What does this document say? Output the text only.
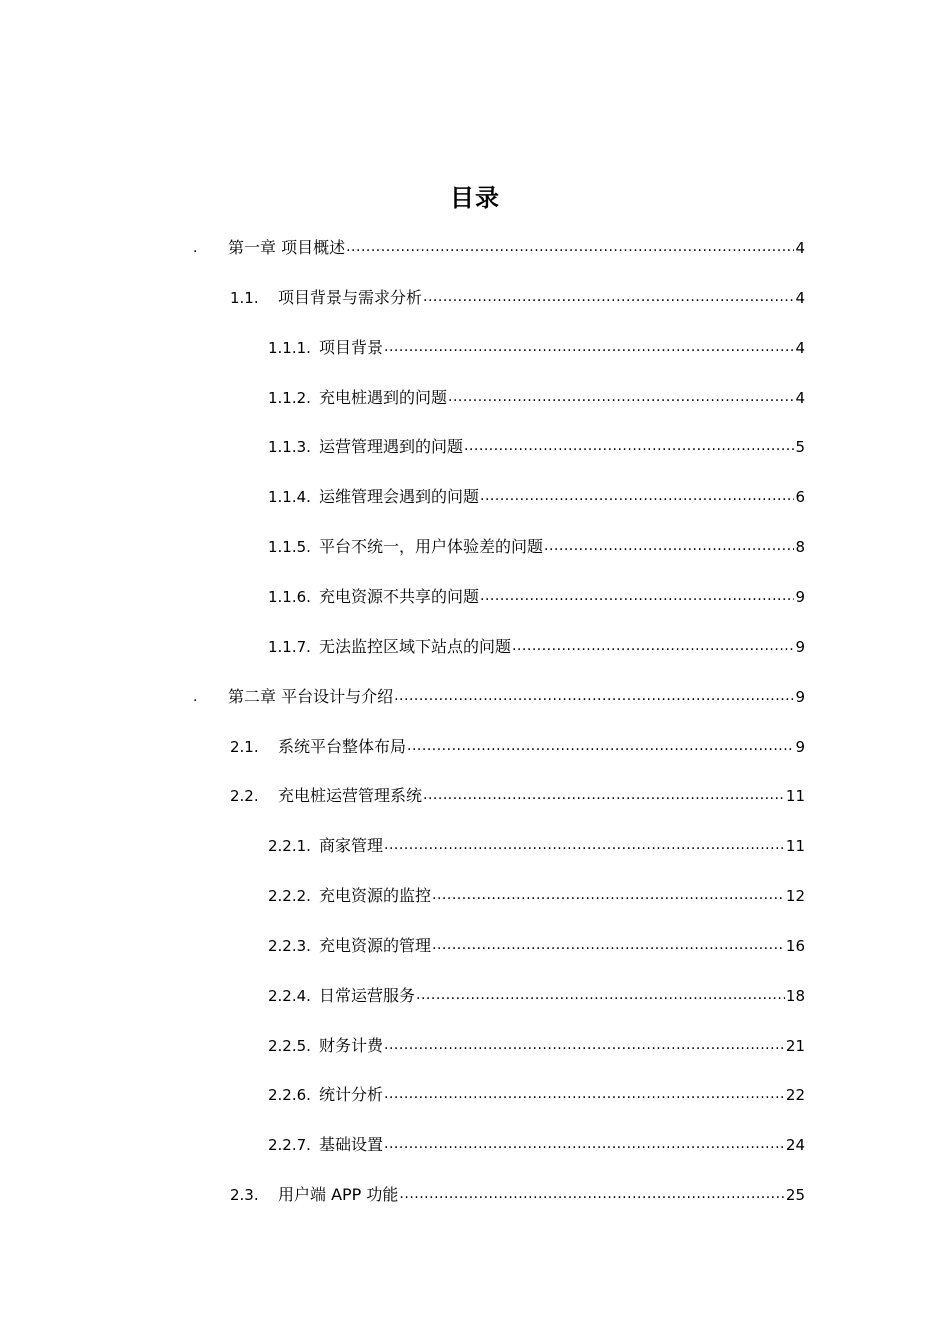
目录
.	第一章 项目概述 .....	4
1.1.	项目背景与需求分析 .....	4
1.1.1. 项目背景 .....	4
1.1.2. 充电桩遇到的问题 .....	4
1.1.3. 运营管理遇到的问题 .....	5
1.1.4. 运维管理会遇到的问题 .....	6
1.1.5. 平台不统一，用户体验差的问题 .....	8
1.1.6. 充电资源不共享的问题 .....	9
1.1.7. 无法监控区域下站点的问题 .....	9
.	第二章 平台设计与介绍 .....	9
2.1.	系统平台整体布局 .....	9
2.2.	充电桩运营管理系统 .....	11
2.2.1. 商家管理 .....	11
2.2.2. 充电资源的监控 .....	12
2.2.3. 充电资源的管理 .....	16
2.2.4. 日常运营服务 .....	18
2.2.5. 财务计费 .....	21
2.2.6. 统计分析 .....	22
2.2.7. 基础设置 .....	24
2.3.	用户端 APP 功能 .....	25
